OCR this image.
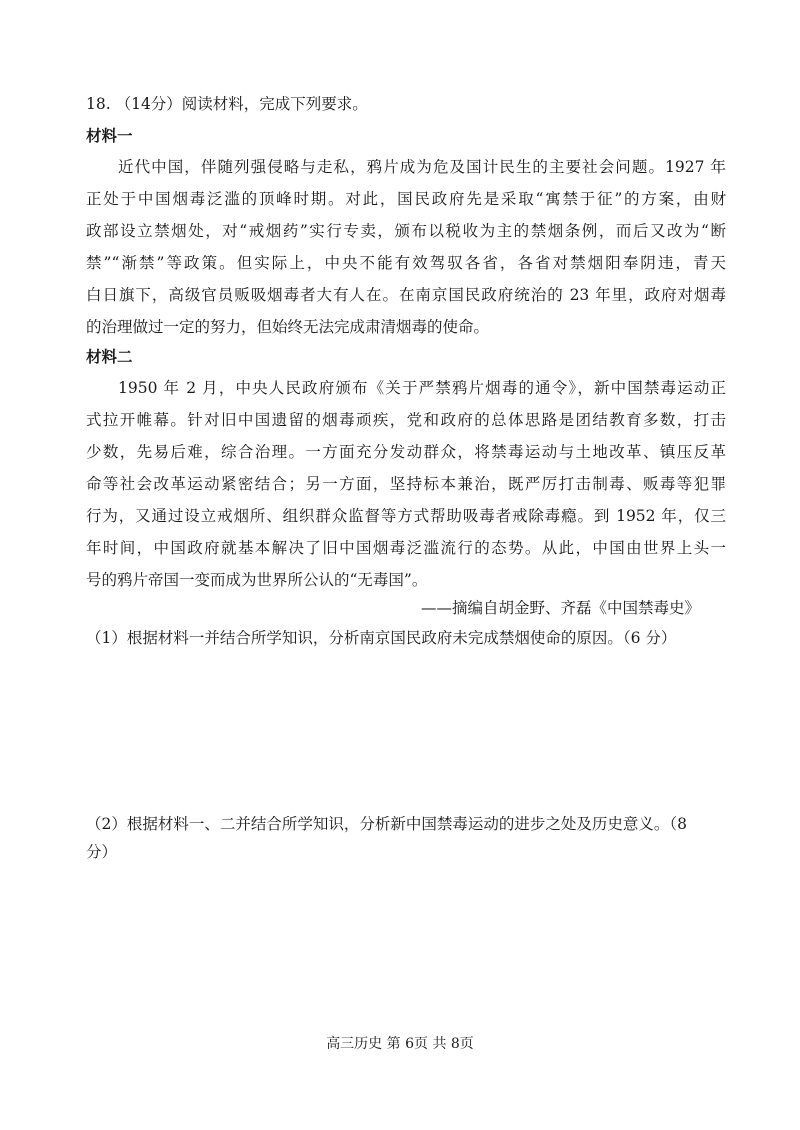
18. （14分）阅读材料，完成下列要求。
材料一
近代中国，伴随列强侵略与走私，鸦片成为危及国计民生的主要社会问题。1927 年
正处于中国烟毒泛滥的顶峰时期。对此，国民政府先是采取“寓禁于征”的方案，由财
政部设立禁烟处，对“戒烟药”实行专卖，颁布以税收为主的禁烟条例，而后又改为“断
禁”“渐禁”等政策。但实际上，中央不能有效驾驭各省，各省对禁烟阳奉阴违，青天
白日旗下，高级官员贩吸烟毒者大有人在。在南京国民政府统治的 23 年里，政府对烟毒
的治理做过一定的努力，但始终无法完成肃清烟毒的使命。
材料二
1950 年 2 月，中央人民政府颁布《关于严禁鸦片烟毒的通令》，新中国禁毒运动正
式拉开帷幕。针对旧中国遗留的烟毒顽疾，党和政府的总体思路是团结教育多数，打击
少数，先易后难，综合治理。一方面充分发动群众，将禁毒运动与土地改革、镇压反革
命等社会改革运动紧密结合；另一方面，坚持标本兼治，既严厉打击制毒、贩毒等犯罪
行为，又通过设立戒烟所、组织群众监督等方式帮助吸毒者戒除毒瘾。到 1952 年，仅三
年时间，中国政府就基本解决了旧中国烟毒泛滥流行的态势。从此，中国由世界上头一
号的鸦片帝国一变而成为世界所公认的“无毒国”。
——摘编自胡金野、齐磊《中国禁毒史》
（1）根据材料一并结合所学知识，分析南京国民政府未完成禁烟使命的原因。（6 分）
（2）根据材料一、二并结合所学知识，分析新中国禁毒运动的进步之处及历史意义。（8
分）
高三历史 第 6页 共 8页
